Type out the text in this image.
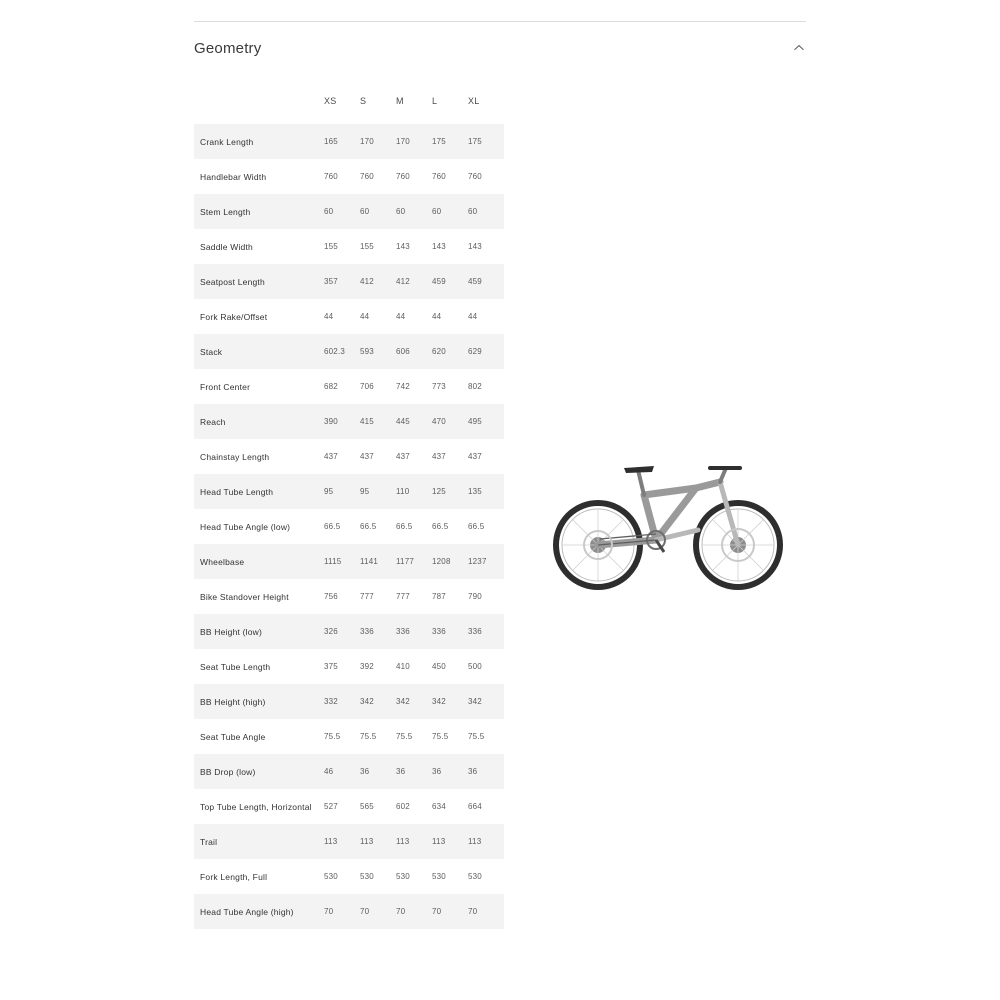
Geometry
	XS	S	M	L	XL
Crank Length	165	170	170	175	175
Handlebar Width	760	760	760	760	760
Stem Length	60	60	60	60	60
Saddle Width	155	155	143	143	143
Seatpost Length	357	412	412	459	459
Fork Rake/Offset	44	44	44	44	44
Stack	602.3	593	606	620	629
Front Center	682	706	742	773	802
Reach	390	415	445	470	495
Chainstay Length	437	437	437	437	437
Head Tube Length	95	95	110	125	135
Head Tube Angle (low)	66.5	66.5	66.5	66.5	66.5
Wheelbase	1115	1141	1177	1208	1237
Bike Standover Height	756	777	777	787	790
BB Height (low)	326	336	336	336	336
Seat Tube Length	375	392	410	450	500
BB Height (high)	332	342	342	342	342
Seat Tube Angle	75.5	75.5	75.5	75.5	75.5
BB Drop (low)	46	36	36	36	36
Top Tube Length, Horizontal	527	565	602	634	664
Trail	113	113	113	113	113
Fork Length, Full	530	530	530	530	530
Head Tube Angle (high)	70	70	70	70	70
